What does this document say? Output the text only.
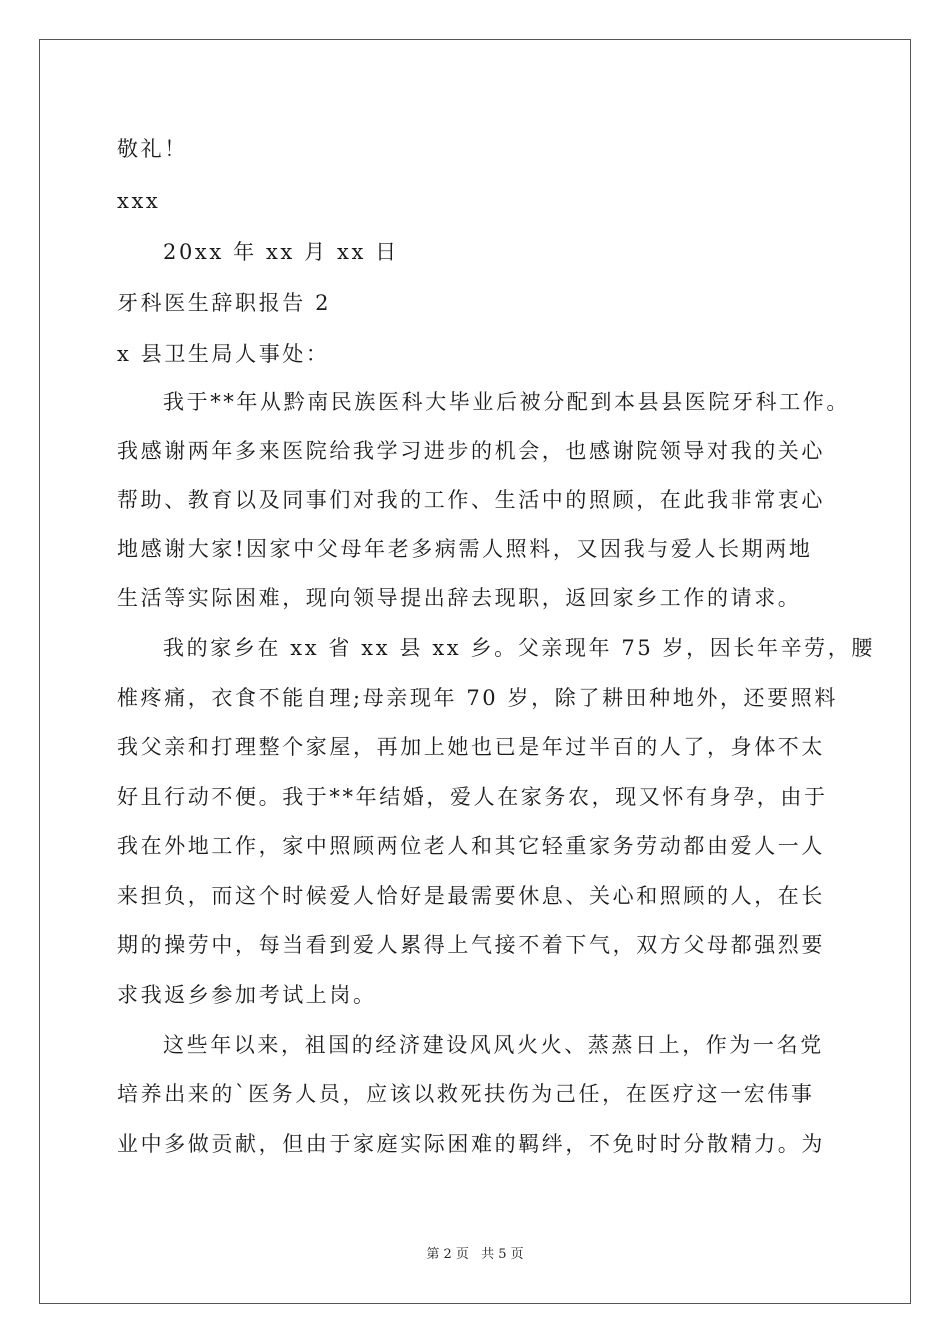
敬礼！
xxx
20xx 年 xx 月 xx 日
牙科医生辞职报告 2
x 县卫生局人事处：
我于**年从黔南民族医科大毕业后被分配到本县县医院牙科工作。
我感谢两年多来医院给我学习进步的机会，也感谢院领导对我的关心
帮助、教育以及同事们对我的工作、生活中的照顾，在此我非常衷心
地感谢大家!因家中父母年老多病需人照料，又因我与爱人长期两地
生活等实际困难，现向领导提出辞去现职，返回家乡工作的请求。
我的家乡在 xx 省 xx 县 xx 乡。父亲现年 75 岁，因长年辛劳，腰
椎疼痛，衣食不能自理;母亲现年 70 岁，除了耕田种地外，还要照料
我父亲和打理整个家屋，再加上她也已是年过半百的人了，身体不太
好且行动不便。我于**年结婚，爱人在家务农，现又怀有身孕，由于
我在外地工作，家中照顾两位老人和其它轻重家务劳动都由爱人一人
来担负，而这个时候爱人恰好是最需要休息、关心和照顾的人，在长
期的操劳中，每当看到爱人累得上气接不着下气，双方父母都强烈要
求我返乡参加考试上岗。
这些年以来，祖国的经济建设风风火火、蒸蒸日上，作为一名党
培养出来的`医务人员，应该以救死扶伤为己任，在医疗这一宏伟事
业中多做贡献，但由于家庭实际困难的羁绊，不免时时分散精力。为
第 2 页 共 5 页
